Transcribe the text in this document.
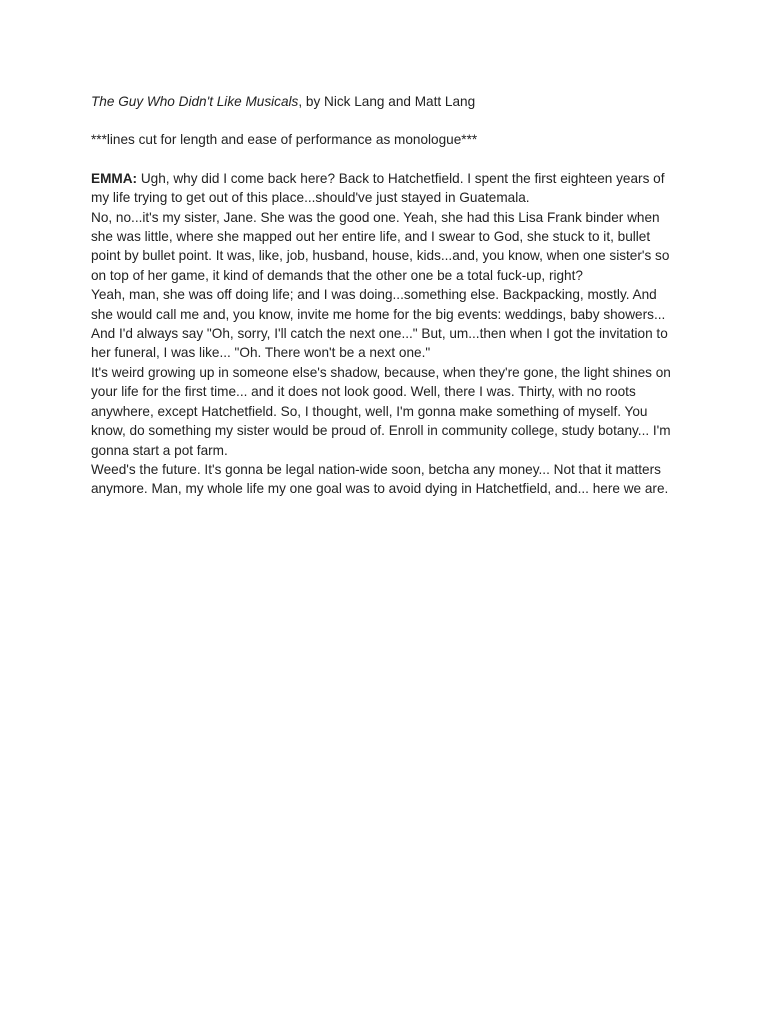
The Guy Who Didn't Like Musicals, by Nick Lang and Matt Lang

***lines cut for length and ease of performance as monologue***

EMMA: Ugh, why did I come back here? Back to Hatchetfield. I spent the first eighteen years of my life trying to get out of this place...should've just stayed in Guatemala.

No, no...it's my sister, Jane. She was the good one. Yeah, she had this Lisa Frank binder when she was little, where she mapped out her entire life, and I swear to God, she stuck to it, bullet point by bullet point. It was, like, job, husband, house, kids...and, you know, when one sister's so on top of her game, it kind of demands that the other one be a total fuck-up, right?

Yeah, man, she was off doing life; and I was doing...something else. Backpacking, mostly. And she would call me and, you know, invite me home for the big events: weddings, baby showers... And I'd always say "Oh, sorry, I'll catch the next one..." But, um...then when I got the invitation to her funeral, I was like... "Oh. There won't be a next one."

It's weird growing up in someone else's shadow, because, when they're gone, the light shines on your life for the first time... and it does not look good. Well, there I was. Thirty, with no roots anywhere, except Hatchetfield. So, I thought, well, I'm gonna make something of myself. You know, do something my sister would be proud of. Enroll in community college, study botany... I'm gonna start a pot farm.

Weed's the future. It's gonna be legal nation-wide soon, betcha any money... Not that it matters anymore. Man, my whole life my one goal was to avoid dying in Hatchetfield, and... here we are.
